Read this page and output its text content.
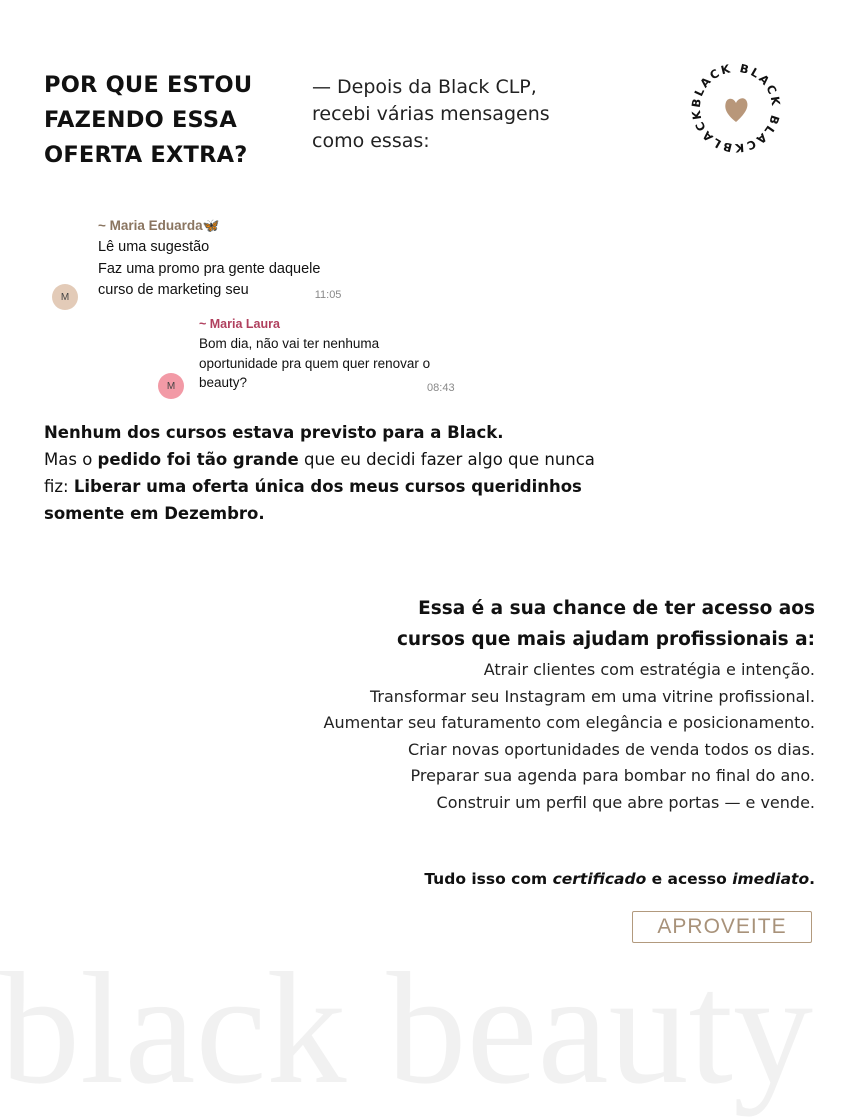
POR QUE ESTOU
FAZENDO ESSA
OFERTA EXTRA?
— Depois da Black CLP,
recebi várias mensagens
como essas:
BLACK BLACK BLACKBLACK
~ Maria Eduarda🦋
Lê uma sugestão
Faz uma promo pra gente daquele
curso de marketing seu	11:05
M
~ Maria Laura
Bom dia, não vai ter nenhuma
oportunidade pra quem quer renovar o
beauty?	08:43
M
Nenhum dos cursos estava previsto para a Black.
Mas o pedido foi tão grande que eu decidi fazer algo que nunca fiz: Liberar uma oferta única dos meus cursos queridinhos somente em Dezembro.
Essa é a sua chance de ter acesso aos
cursos que mais ajudam profissionais a:
Atrair clientes com estratégia e intenção.
Transformar seu Instagram em uma vitrine profissional.
Aumentar seu faturamento com elegância e posicionamento.
Criar novas oportunidades de venda todos os dias.
Preparar sua agenda para bombar no final do ano.
Construir um perfil que abre portas — e vende.
Tudo isso com certificado e acesso imediato.
black beauty
APROVEITE
